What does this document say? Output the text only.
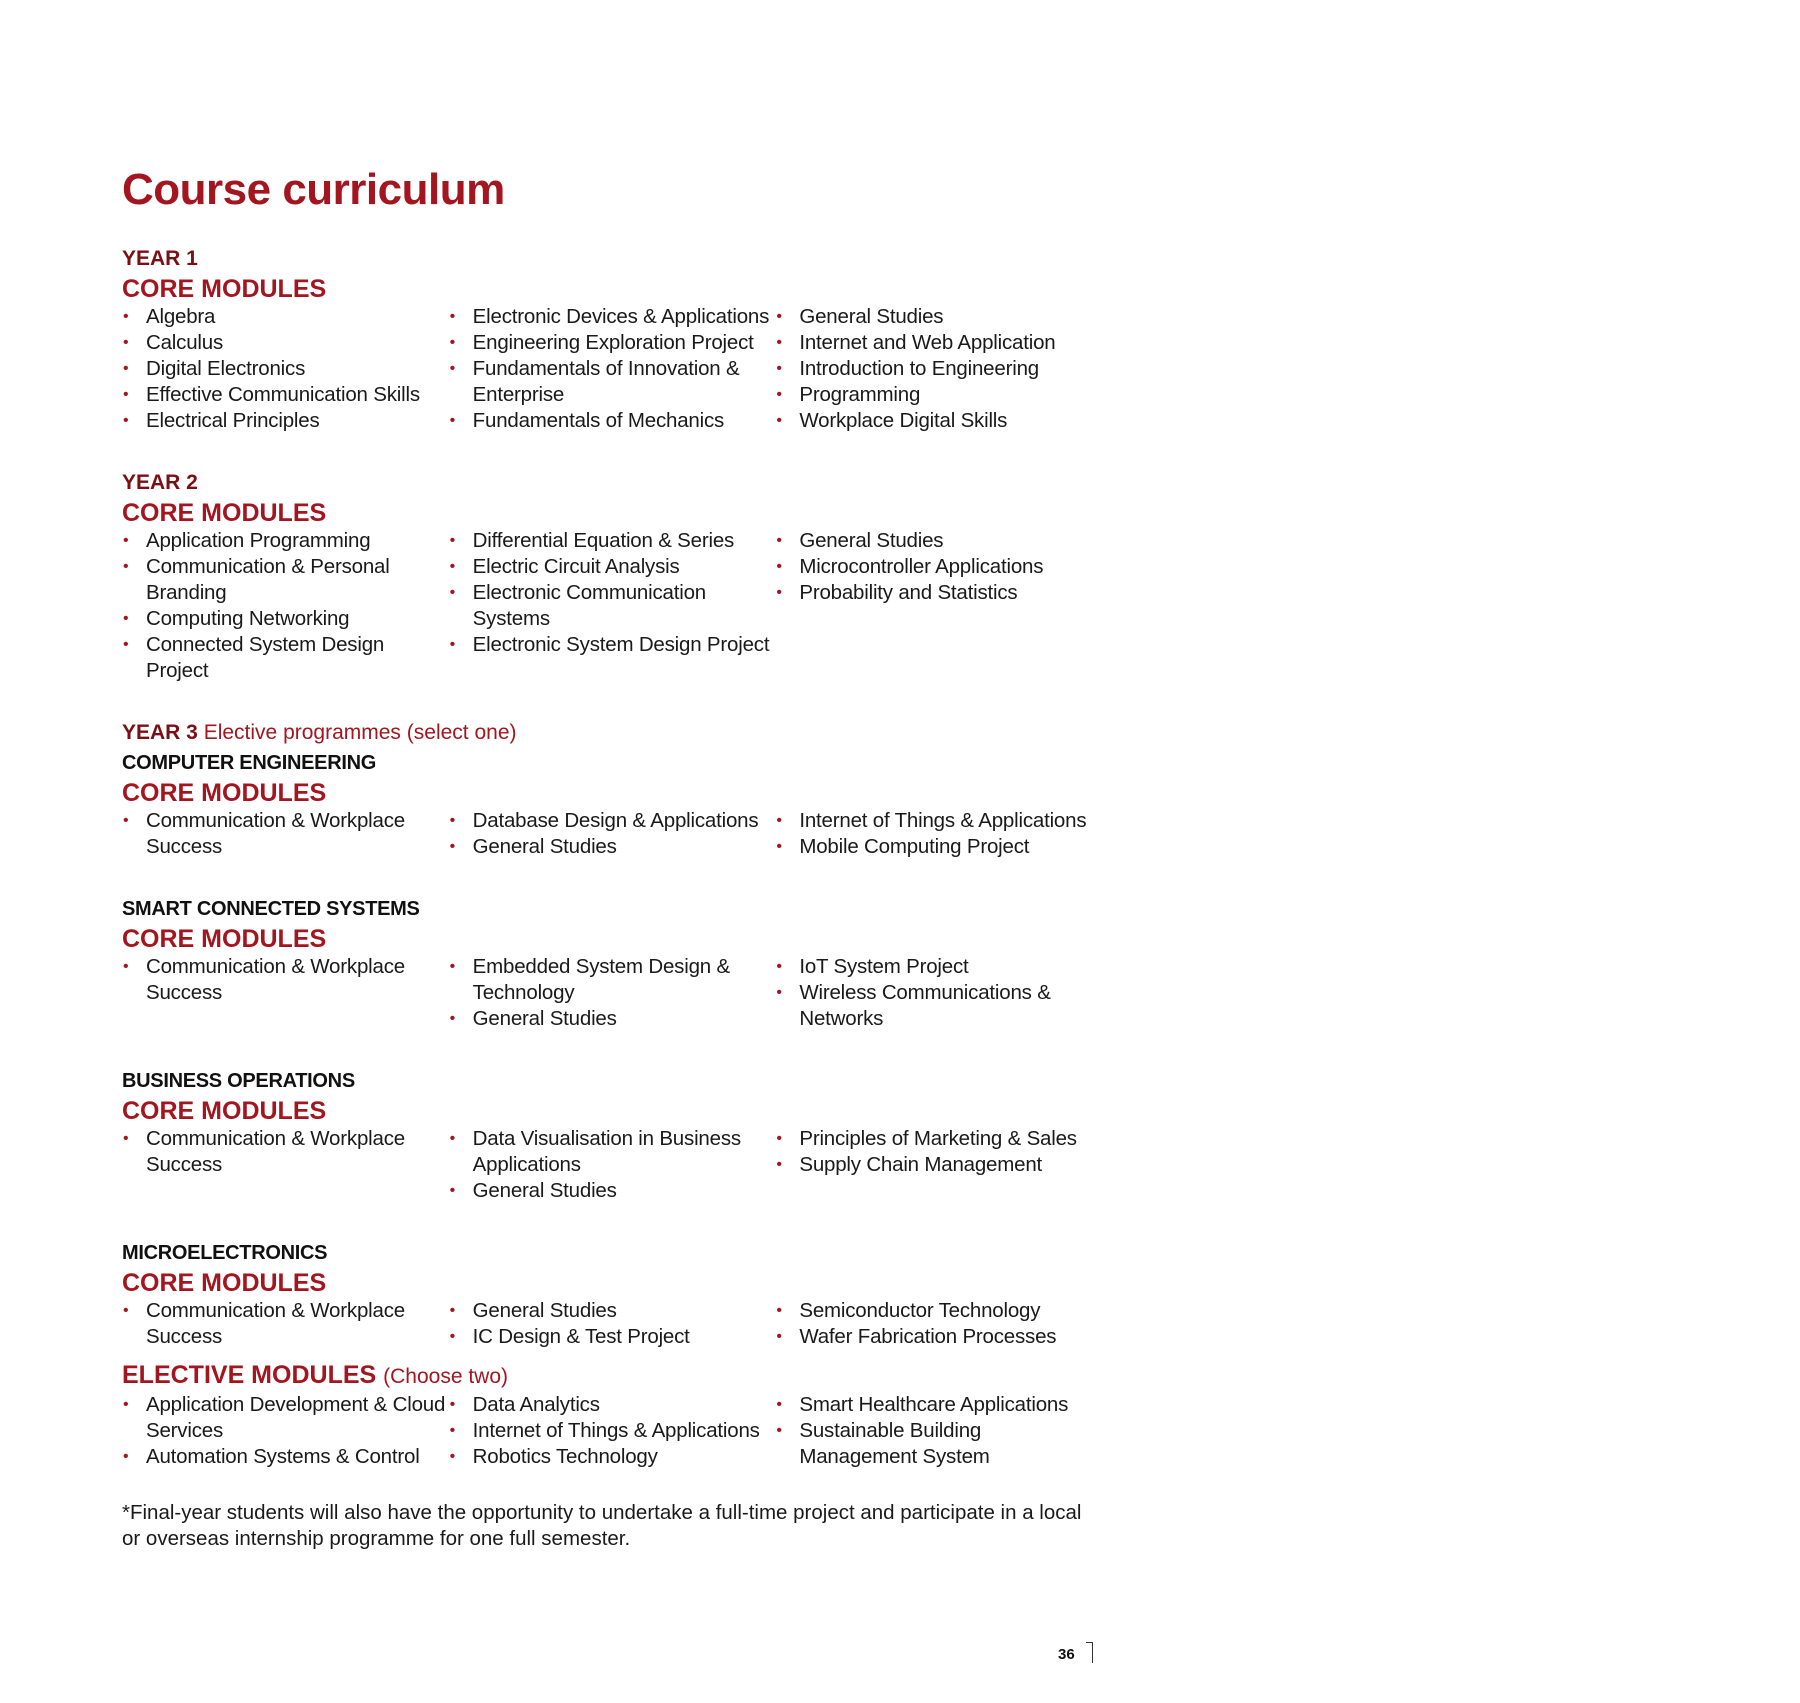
Course curriculum
YEAR 1
CORE MODULES
• Algebra
• Calculus
• Digital Electronics
• Effective Communication Skills
• Electrical Principles
• Electronic Devices & Applications
• Engineering Exploration Project
• Fundamentals of Innovation & Enterprise
• Fundamentals of Mechanics
• General Studies
• Internet and Web Application
• Introduction to Engineering
• Programming
• Workplace Digital Skills
YEAR 2
CORE MODULES
• Application Programming
• Communication & Personal Branding
• Computing Networking
• Connected System Design Project
• Differential Equation & Series
• Electric Circuit Analysis
• Electronic Communication Systems
• Electronic System Design Project
• General Studies
• Microcontroller Applications
• Probability and Statistics
YEAR 3 Elective programmes (select one)
COMPUTER ENGINEERING
CORE MODULES
• Communication & Workplace Success
• Database Design & Applications
• General Studies
• Internet of Things & Applications
• Mobile Computing Project
SMART CONNECTED SYSTEMS
CORE MODULES
• Communication & Workplace Success
• Embedded System Design & Technology
• General Studies
• IoT System Project
• Wireless Communications & Networks
BUSINESS OPERATIONS
CORE MODULES
• Communication & Workplace Success
• Data Visualisation in Business Applications
• General Studies
• Principles of Marketing & Sales
• Supply Chain Management
MICROELECTRONICS
CORE MODULES
• Communication & Workplace Success
• General Studies
• IC Design & Test Project
• Semiconductor Technology
• Wafer Fabrication Processes
ELECTIVE MODULES (Choose two)
• Application Development & Cloud Services
• Automation Systems & Control
• Data Analytics
• Internet of Things & Applications
• Robotics Technology
• Smart Healthcare Applications
• Sustainable Building Management System

*Final-year students will also have the opportunity to undertake a full-time project and participate in a local or overseas internship programme for one full semester.

36
